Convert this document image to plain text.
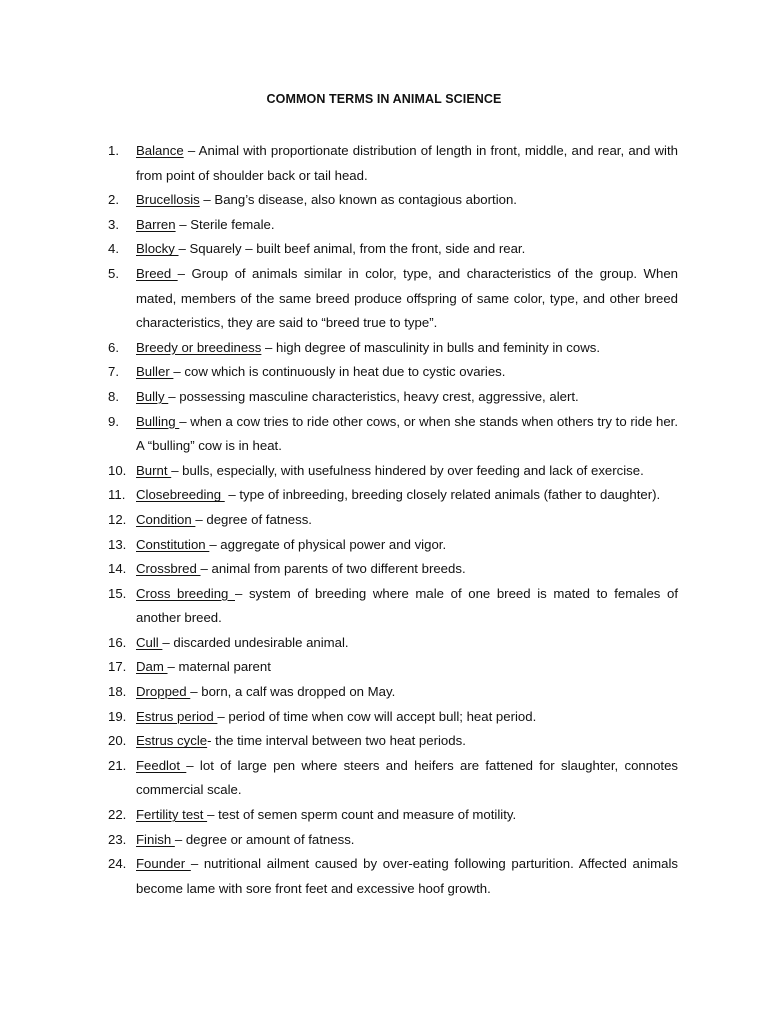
COMMON TERMS IN ANIMAL SCIENCE
1.	Balance – Animal with proportionate distribution of length in front, middle, and rear, and with from point of shoulder back or tail head.
2.	Brucellosis – Bang’s disease, also known as contagious abortion.
3.	Barren – Sterile female.
4.	Blocky – Squarely – built beef animal, from the front, side and rear.
5.	Breed – Group of animals similar in color, type, and characteristics of the group. When mated, members of the same breed produce offspring of same color, type, and other breed characteristics, they are said to “breed true to type”.
6.	Breedy or breediness – high degree of masculinity in bulls and feminity in cows.
7.	Buller – cow which is continuously in heat due to cystic ovaries.
8.	Bully – possessing masculine characteristics, heavy crest, aggressive, alert.
9.	Bulling – when a cow tries to ride other cows, or when she stands when others try to ride her. A “bulling” cow is in heat.
10. Burnt – bulls, especially, with usefulness hindered by over feeding and lack of exercise.
11. Closebreeding  – type of inbreeding, breeding closely related animals (father to daughter).
12. Condition – degree of fatness.
13. Constitution – aggregate of physical power and vigor.
14. Crossbred – animal from parents of two different breeds.
15. Cross breeding – system of breeding where male of one breed is mated to females of another breed.
16. Cull – discarded undesirable animal.
17. Dam – maternal parent
18. Dropped – born, a calf was dropped on May.
19. Estrus period – period of time when cow will accept bull; heat period.
20. Estrus cycle- the time interval between two heat periods.
21. Feedlot – lot of large pen where steers and heifers are fattened for slaughter, connotes commercial scale.
22. Fertility test – test of semen sperm count and measure of motility.
23. Finish – degree or amount of fatness.
24. Founder – nutritional ailment caused by over-eating following parturition. Affected animals become lame with sore front feet and excessive hoof growth.
